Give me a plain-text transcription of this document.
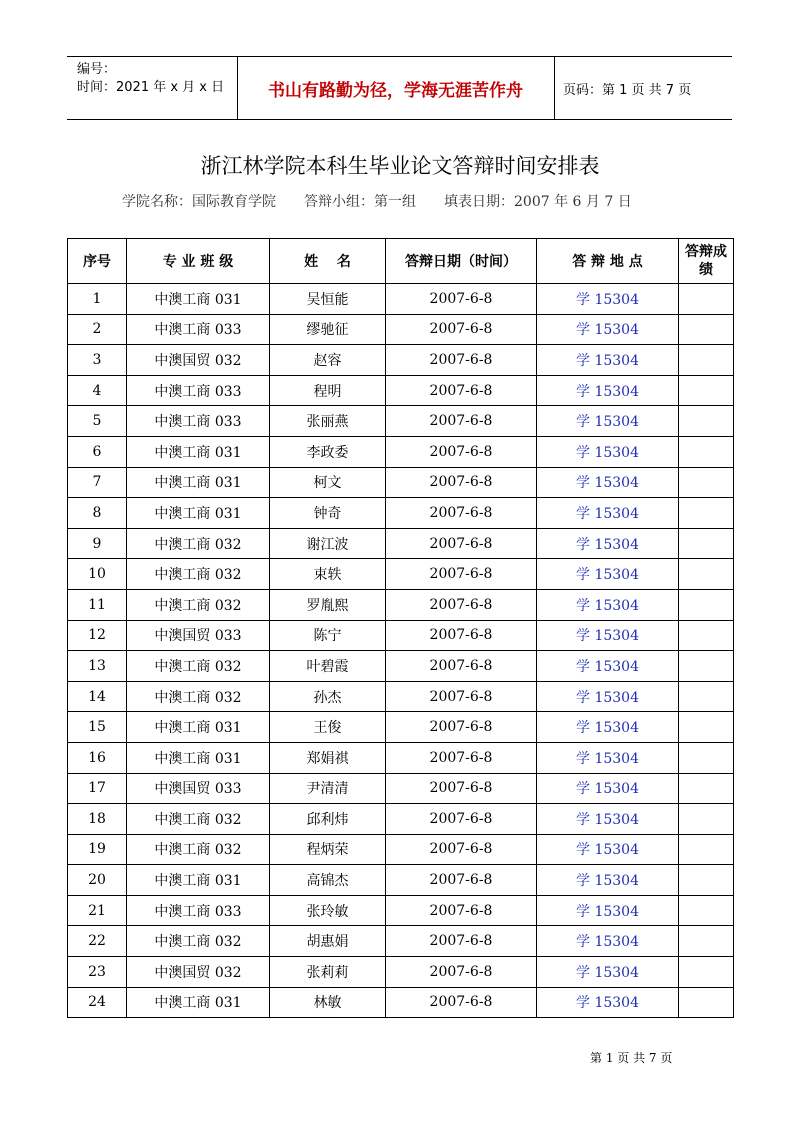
编号：
时间：2021 年 x 月 x 日	书山有路勤为径，学海无涯苦作舟	页码：第 1 页 共 7 页
浙江林学院本科生毕业论文答辩时间安排表
学院名称：国际教育学院 答辩小组：第一组 填表日期：2007 年 6 月 7 日
序号	专 业 班 级	姓　 名	答辩日期（时间）	答 辩 地 点	答辩成绩
1	中澳工商 031	吴恒能	2007-6-8	学 15304	
2	中澳工商 033	缪驰征	2007-6-8	学 15304	
3	中澳国贸 032	赵容	2007-6-8	学 15304	
4	中澳工商 033	程明	2007-6-8	学 15304	
5	中澳工商 033	张丽燕	2007-6-8	学 15304	
6	中澳工商 031	李政委	2007-6-8	学 15304	
7	中澳工商 031	柯文	2007-6-8	学 15304	
8	中澳工商 031	钟奇	2007-6-8	学 15304	
9	中澳工商 032	谢江波	2007-6-8	学 15304	
10	中澳工商 032	束轶	2007-6-8	学 15304	
11	中澳工商 032	罗胤熙	2007-6-8	学 15304	
12	中澳国贸 033	陈宁	2007-6-8	学 15304	
13	中澳工商 032	叶碧霞	2007-6-8	学 15304	
14	中澳工商 032	孙杰	2007-6-8	学 15304	
15	中澳工商 031	王俊	2007-6-8	学 15304	
16	中澳工商 031	郑娟祺	2007-6-8	学 15304	
17	中澳国贸 033	尹清清	2007-6-8	学 15304	
18	中澳工商 032	邱利炜	2007-6-8	学 15304	
19	中澳工商 032	程炳荣	2007-6-8	学 15304	
20	中澳工商 031	高锦杰	2007-6-8	学 15304	
21	中澳工商 033	张玲敏	2007-6-8	学 15304	
22	中澳工商 032	胡惠娟	2007-6-8	学 15304	
23	中澳国贸 032	张莉莉	2007-6-8	学 15304	
24	中澳工商 031	林敏	2007-6-8	学 15304	
第 1 页 共 7 页
